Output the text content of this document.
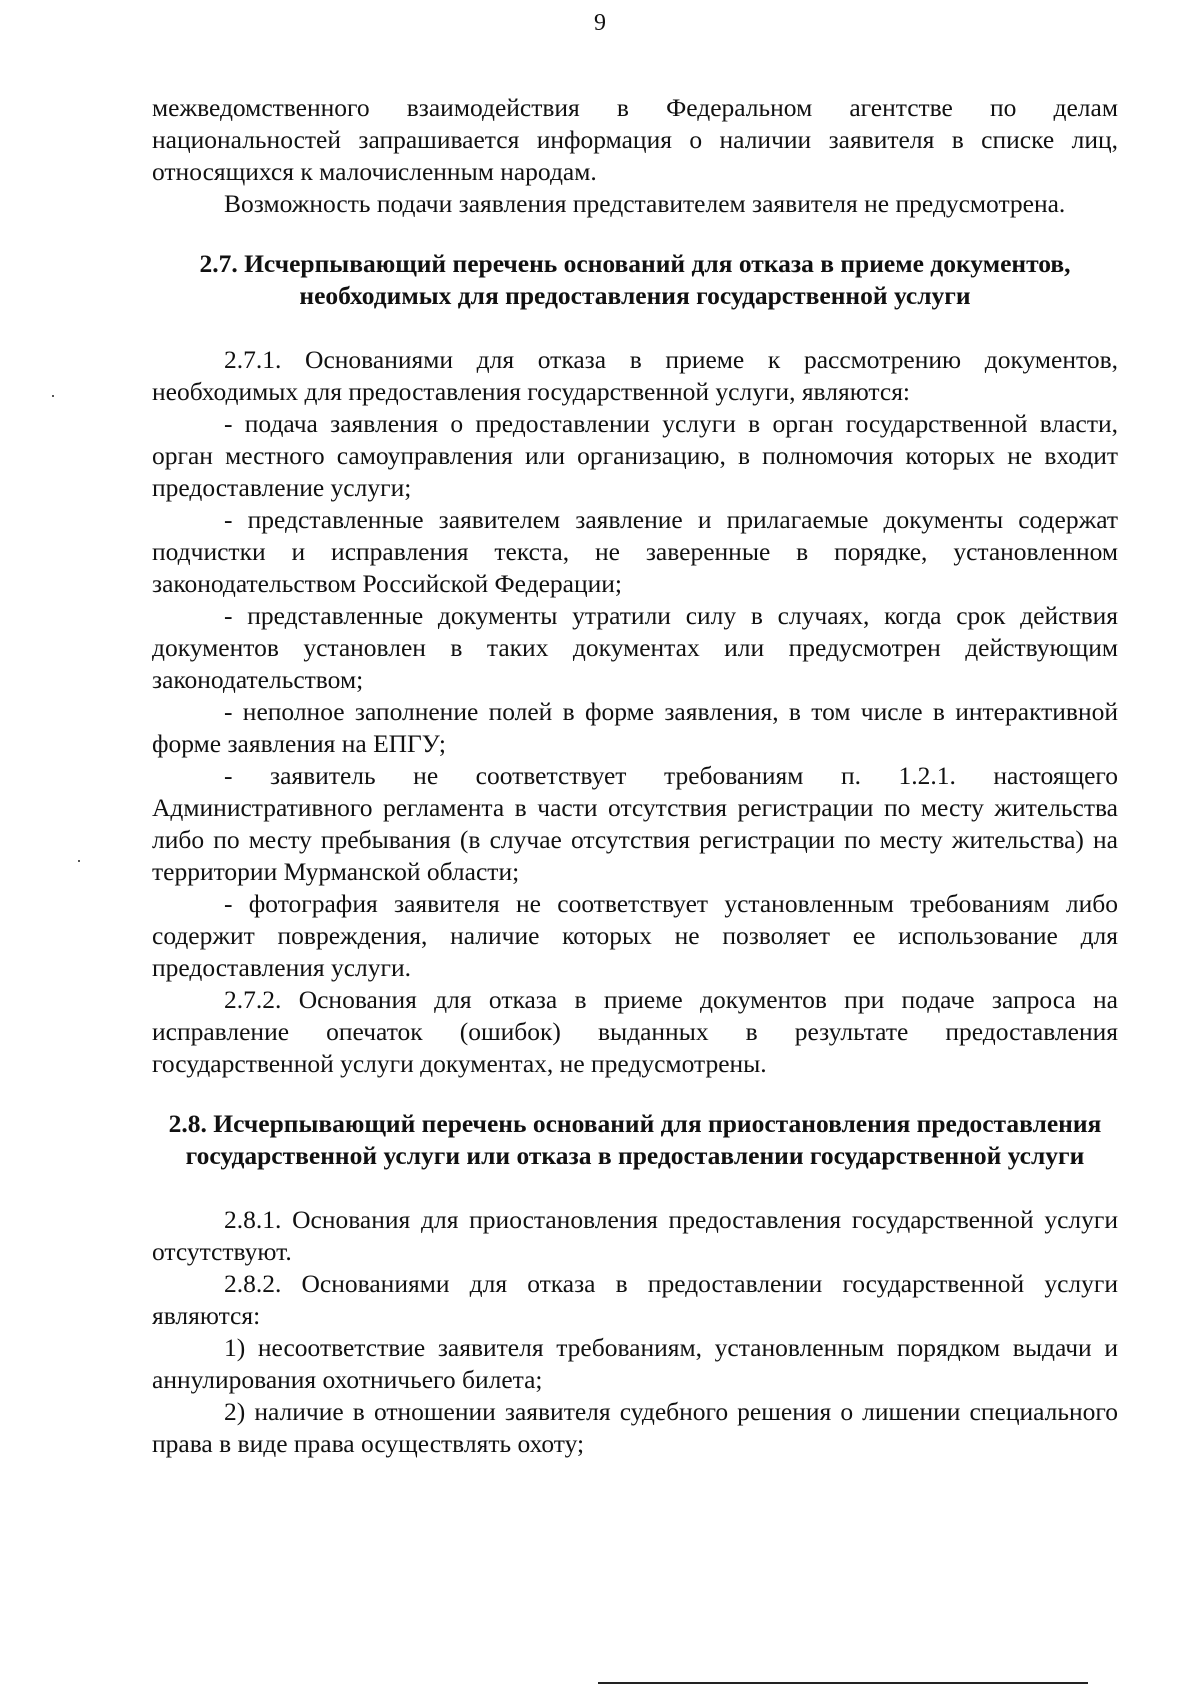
9

межведомственного взаимодействия в Федеральном агентстве по делам национальностей запрашивается информация о наличии заявителя в списке лиц, относящихся к малочисленным народам.

Возможность подачи заявления представителем заявителя не предусмотрена.

2.7. Исчерпывающий перечень оснований для отказа в приеме документов, необходимых для предоставления государственной услуги

2.7.1. Основаниями для отказа в приеме к рассмотрению документов, необходимых для предоставления государственной услуги, являются:

- подача заявления о предоставлении услуги в орган государственной власти, орган местного самоуправления или организацию, в полномочия которых не входит предоставление услуги;

- представленные заявителем заявление и прилагаемые документы содержат подчистки и исправления текста, не заверенные в порядке, установленном законодательством Российской Федерации;

- представленные документы утратили силу в случаях, когда срок действия документов установлен в таких документах или предусмотрен действующим законодательством;

- неполное заполнение полей в форме заявления, в том числе в интерактивной форме заявления на ЕПГУ;

- заявитель не соответствует требованиям п. 1.2.1. настоящего Административного регламента в части отсутствия регистрации по месту жительства либо по месту пребывания (в случае отсутствия регистрации по месту жительства) на территории Мурманской области;

- фотография заявителя не соответствует установленным требованиям либо содержит повреждения, наличие которых не позволяет ее использование для предоставления услуги.

2.7.2. Основания для отказа в приеме документов при подаче запроса на исправление опечаток (ошибок) выданных в результате предоставления государственной услуги документах, не предусмотрены.

2.8. Исчерпывающий перечень оснований для приостановления предоставления государственной услуги или отказа в предоставлении государственной услуги

2.8.1. Основания для приостановления предоставления государственной услуги отсутствуют.

2.8.2. Основаниями для отказа в предоставлении государственной услуги являются:

1) несоответствие заявителя требованиям, установленным порядком выдачи и аннулирования охотничьего билета;

2) наличие в отношении заявителя судебного решения о лишении специального права в виде права осуществлять охоту;
